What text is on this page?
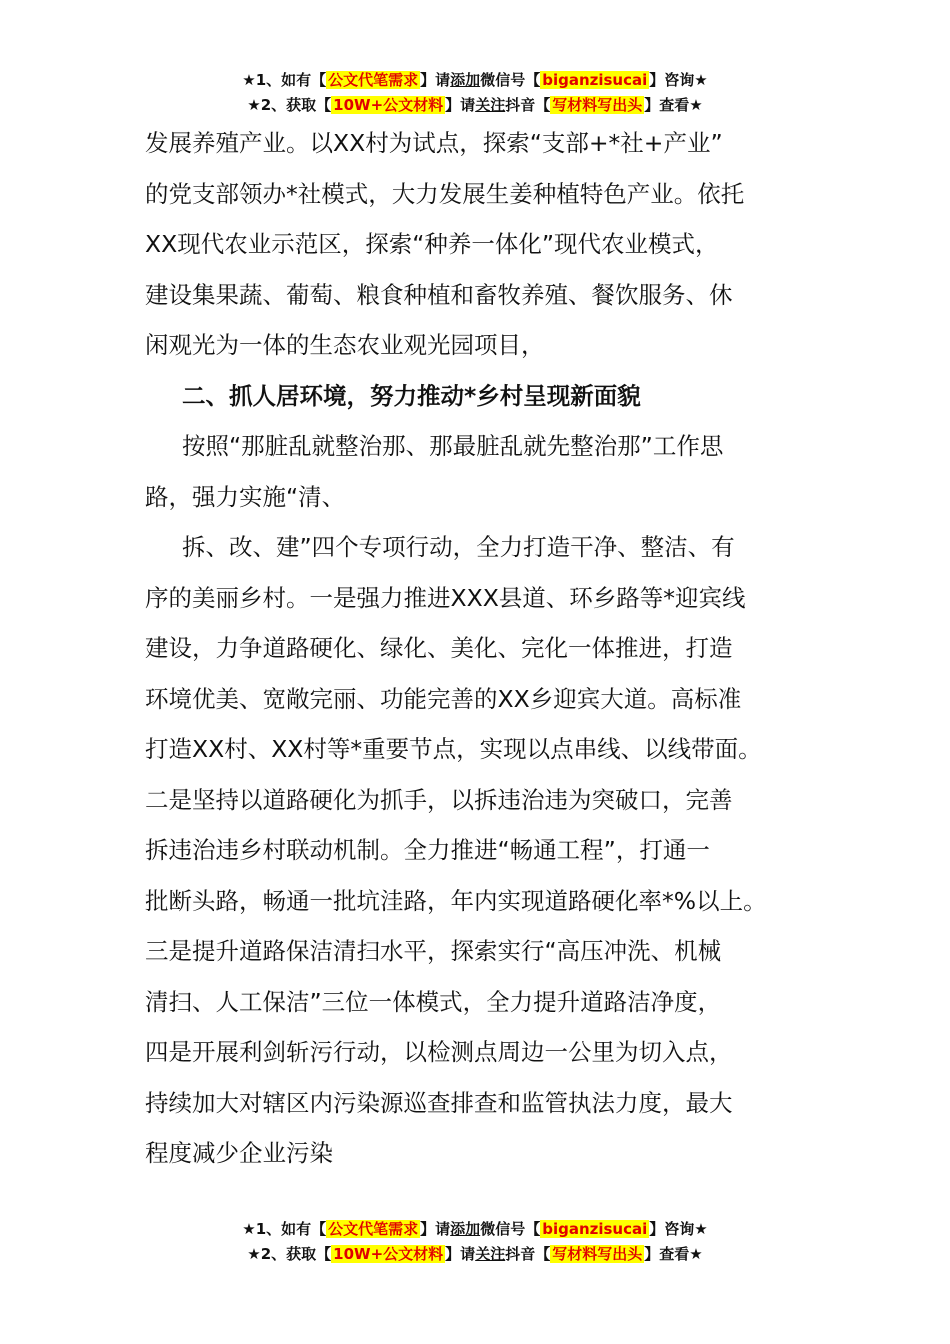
★1、如有【 公文代笔需求 】请添加微信号【 biganzisucai 】咨询★
★2、获取【 10W+公文材料 】请关注抖音【 写材料写出头 】查看★
发展养殖产业。以XX村为试点，探索“支部+*社+产业”
的党支部领办*社模式，大力发展生姜种植特色产业。依托
XX现代农业示范区，探索“种养一体化”现代农业模式，
建设集果蔬、葡萄、粮食种植和畜牧养殖、餐饮服务、休
闲观光为一体的生态农业观光园项目，
二、抓人居环境，努力推动*乡村呈现新面貌
按照“那脏乱就整治那、那最脏乱就先整治那”工作思
路，强力实施“清、
拆、改、建”四个专项行动，全力打造干净、整洁、有
序的美丽乡村。一是强力推进XXX县道、环乡路等*迎宾线
建设，力争道路硬化、绿化、美化、完化一体推进，打造
环境优美、宽敞完丽、功能完善的XX乡迎宾大道。高标准
打造XX村、XX村等*重要节点，实现以点串线、以线带面。
二是坚持以道路硬化为抓手，以拆违治违为突破口，完善
拆违治违乡村联动机制。全力推进“畅通工程”，打通一
批断头路，畅通一批坑洼路，年内实现道路硬化率*%以上。
三是提升道路保洁清扫水平，探索实行“高压冲洗、机械
清扫、人工保洁”三位一体模式，全力提升道路洁净度，
四是开展利剑斩污行动，以检测点周边一公里为切入点，
持续加大对辖区内污染源巡查排查和监管执法力度，最大
程度减少企业污染
★1、如有【 公文代笔需求 】请添加微信号【 biganzisucai 】咨询★
★2、获取【 10W+公文材料 】请关注抖音【 写材料写出头 】查看★
